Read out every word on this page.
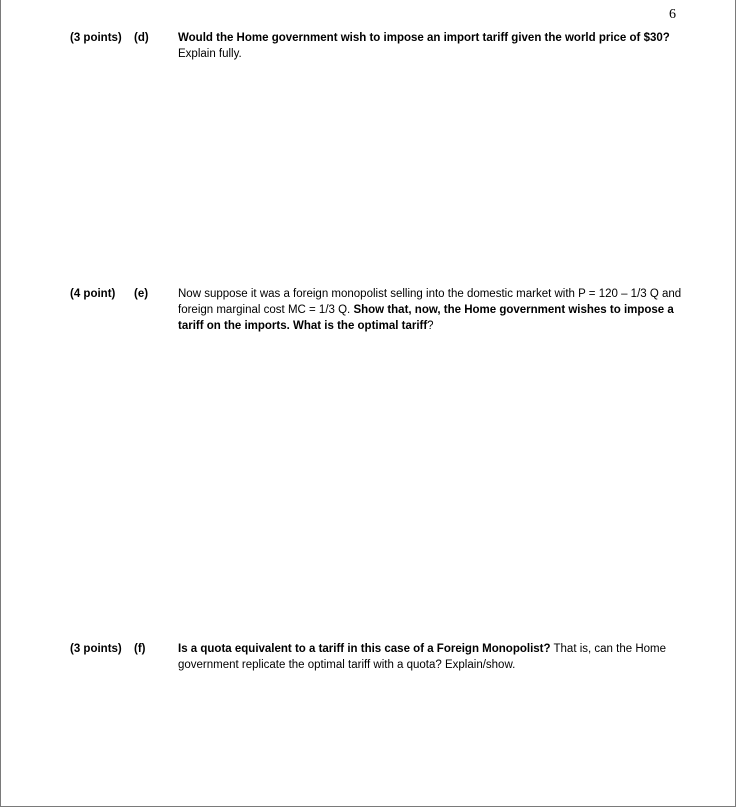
6
(3 points) (d)	Would the Home government wish to impose an import tariff given the world price of $30? Explain fully.
(4 point) (e)	Now suppose it was a foreign monopolist selling into the domestic market with P = 120 – 1/3 Q and foreign marginal cost MC = 1/3 Q. Show that, now, the Home government wishes to impose a tariff on the imports. What is the optimal tariff?
(3 points) (f)	Is a quota equivalent to a tariff in this case of a Foreign Monopolist? That is, can the Home government replicate the optimal tariff with a quota? Explain/show.
